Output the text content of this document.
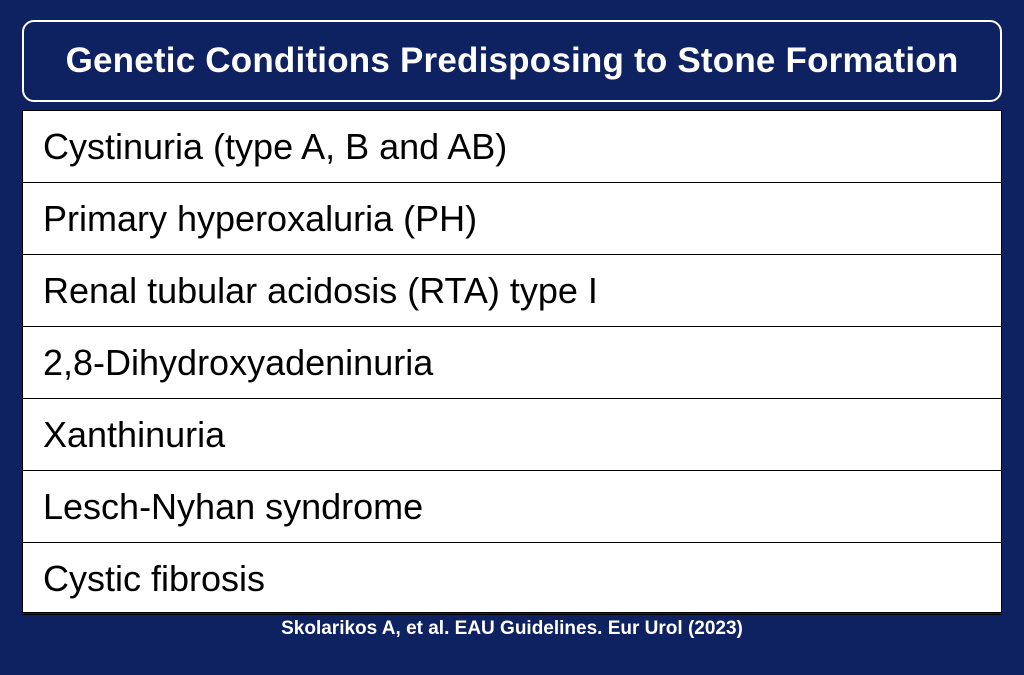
Genetic Conditions Predisposing to Stone Formation
Cystinuria (type A, B and AB)
Primary hyperoxaluria (PH)
Renal tubular acidosis (RTA) type I
2,8-Dihydroxyadeninuria
Xanthinuria
Lesch-Nyhan syndrome
Cystic fibrosis

Skolarikos A, et al. EAU Guidelines. Eur Urol (2023)
